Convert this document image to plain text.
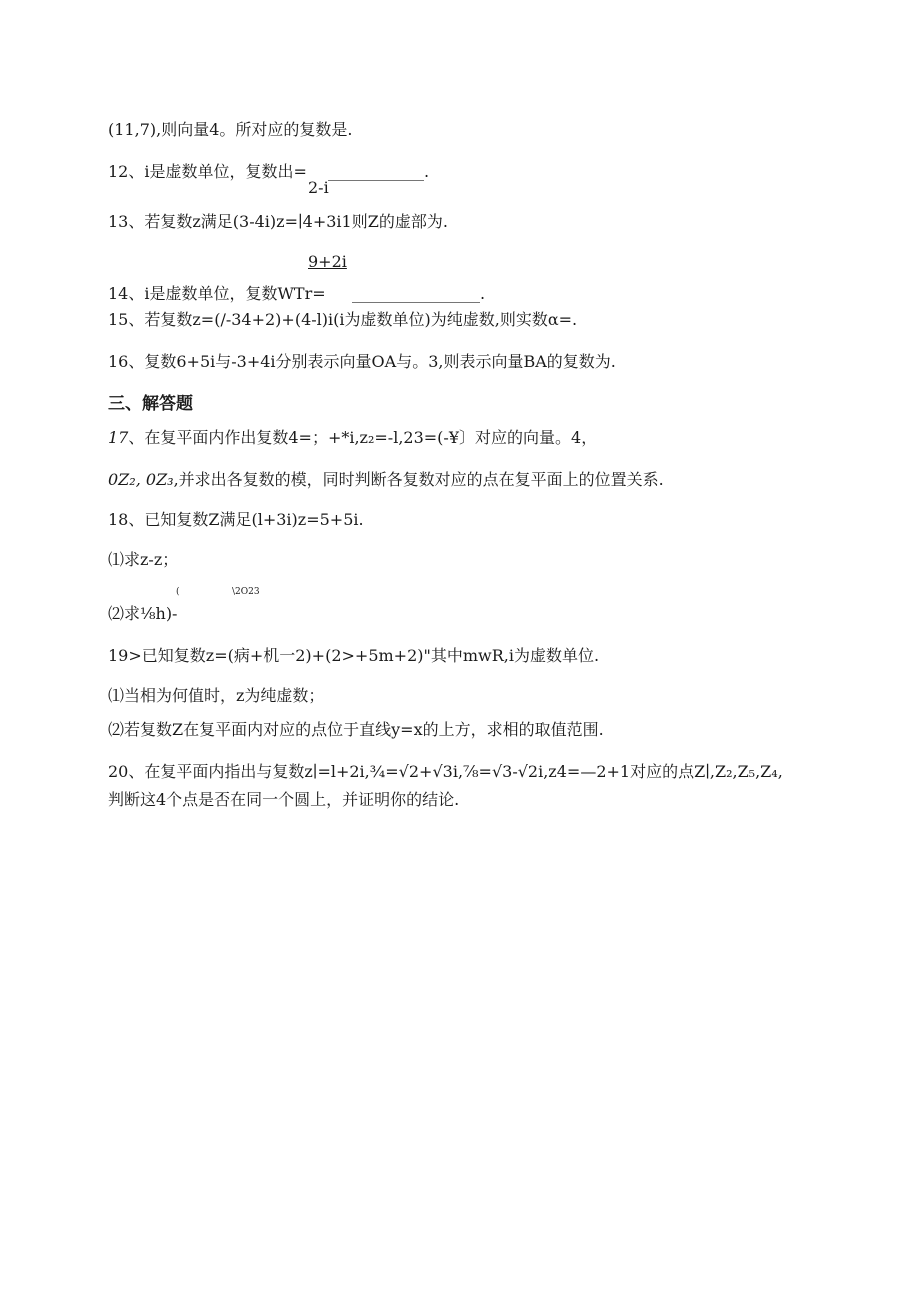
(11,7),则向量4。所对应的复数是.
12、i是虚数单位，复数出= ____________.
2-i
13、若复数z满足(3-4i)z=∣4+3i1则Z的虚部为.
9+2i
14、i是虚数单位，复数WTr= ________________.
15、若复数z=(∕-34+2)+(4-l)i(i为虚数单位)为纯虚数,则实数α=.
16、复数6+5i与-3+4i分别表示向量OA与。3,则表示向量BA的复数为.
三、解答题
17、在复平面内作出复数4=；+*i,z₂=-l,23=(-¥〕对应的向量。4，
0Z₂, 0Z₃,并求出各复数的模，同时判断各复数对应的点在复平面上的位置关系.
18、已知复数Z满足(l+3i)z=5+5i.
⑴求z-z；
(	\2O23
⑵求⅛h)-
19>已知复数z=(病+机一2)+(2>+5m+2)"其中mwR,i为虚数单位.
⑴当相为何值时，z为纯虚数；
⑵若复数Z在复平面内对应的点位于直线y=x的上方，求相的取值范围.
20、在复平面内指出与复数z∣=l+2i,¾=√2+√3i,⅞=√3-√2i,z4=—2+1对应的点Z∣,Z₂,Z₅,Z₄,
判断这4个点是否在同一个圆上，并证明你的结论.
